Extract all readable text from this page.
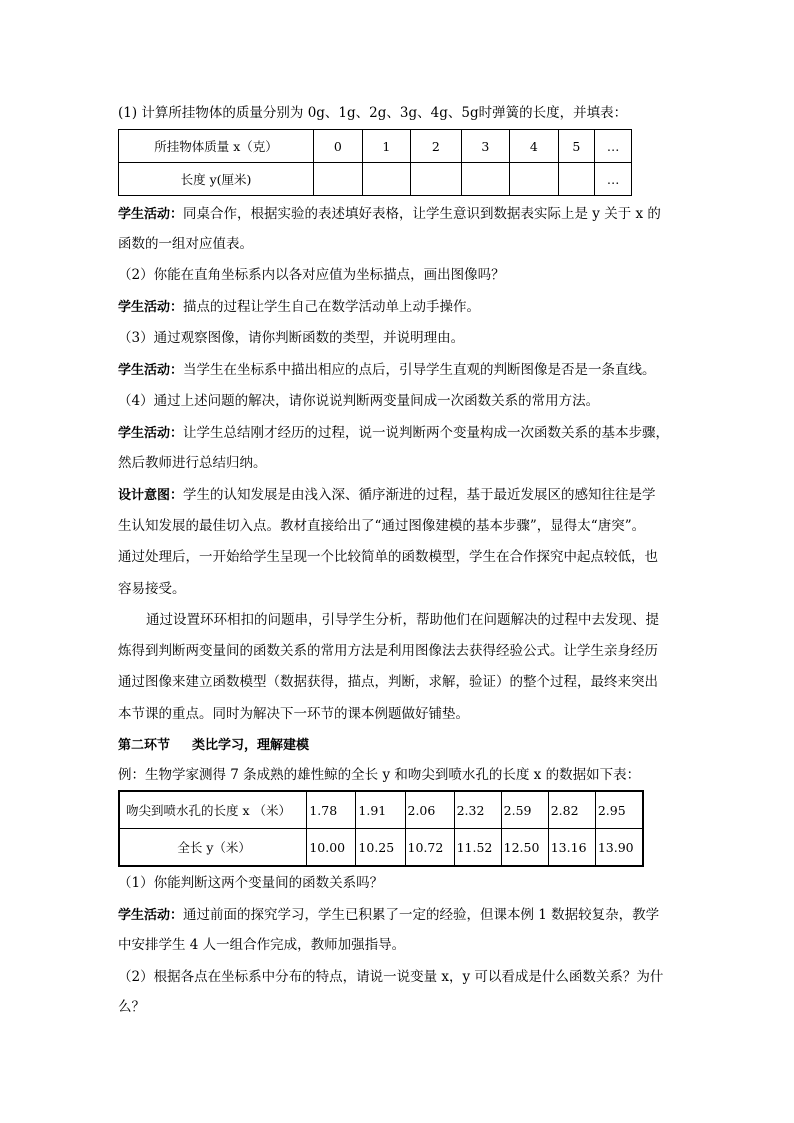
(1) 计算所挂物体的质量分别为 0g、1g、2g、3g、4g、5g时弹簧的长度，并填表：
所挂物体质量 x（克）	0	1	2	3	4	5	…
长度 y(厘米)							…
学生活动：同桌合作，根据实验的表述填好表格，让学生意识到数据表实际上是 y 关于 x 的
函数的一组对应值表。
（2）你能在直角坐标系内以各对应值为坐标描点，画出图像吗？
学生活动：描点的过程让学生自己在数学活动单上动手操作。
（3）通过观察图像，请你判断函数的类型，并说明理由。
学生活动：当学生在坐标系中描出相应的点后，引导学生直观的判断图像是否是一条直线。
（4）通过上述问题的解决，请你说说判断两变量间成一次函数关系的常用方法。
学生活动：让学生总结刚才经历的过程，说一说判断两个变量构成一次函数关系的基本步骤，
然后教师进行总结归纳。
设计意图：学生的认知发展是由浅入深、循序渐进的过程，基于最近发展区的感知往往是学
生认知发展的最佳切入点。教材直接给出了“通过图像建模的基本步骤”，显得太“唐突”。
通过处理后，一开始给学生呈现一个比较简单的函数模型，学生在合作探究中起点较低，也
容易接受。
通过设置环环相扣的问题串，引导学生分析，帮助他们在问题解决的过程中去发现、提
炼得到判断两变量间的函数关系的常用方法是利用图像法去获得经验公式。让学生亲身经历
通过图像来建立函数模型（数据获得，描点，判断，求解，验证）的整个过程，最终来突出
本节课的重点。同时为解决下一环节的课本例题做好铺垫。
第二环节 类比学习，理解建模
例：生物学家测得 7 条成熟的雄性鲸的全长 y 和吻尖到喷水孔的长度 x 的数据如下表：
吻尖到喷水孔的长度 x （米）	1.78	1.91	2.06	2.32	2.59	2.82	2.95
全长 y（米）	10.00	10.25	10.72	11.52	12.50	13.16	13.90
（1）你能判断这两个变量间的函数关系吗？
学生活动：通过前面的探究学习，学生已积累了一定的经验，但课本例 1 数据较复杂，教学
中安排学生 4 人一组合作完成，教师加强指导。
（2）根据各点在坐标系中分布的特点，请说一说变量 x，y 可以看成是什么函数关系？为什
么？
